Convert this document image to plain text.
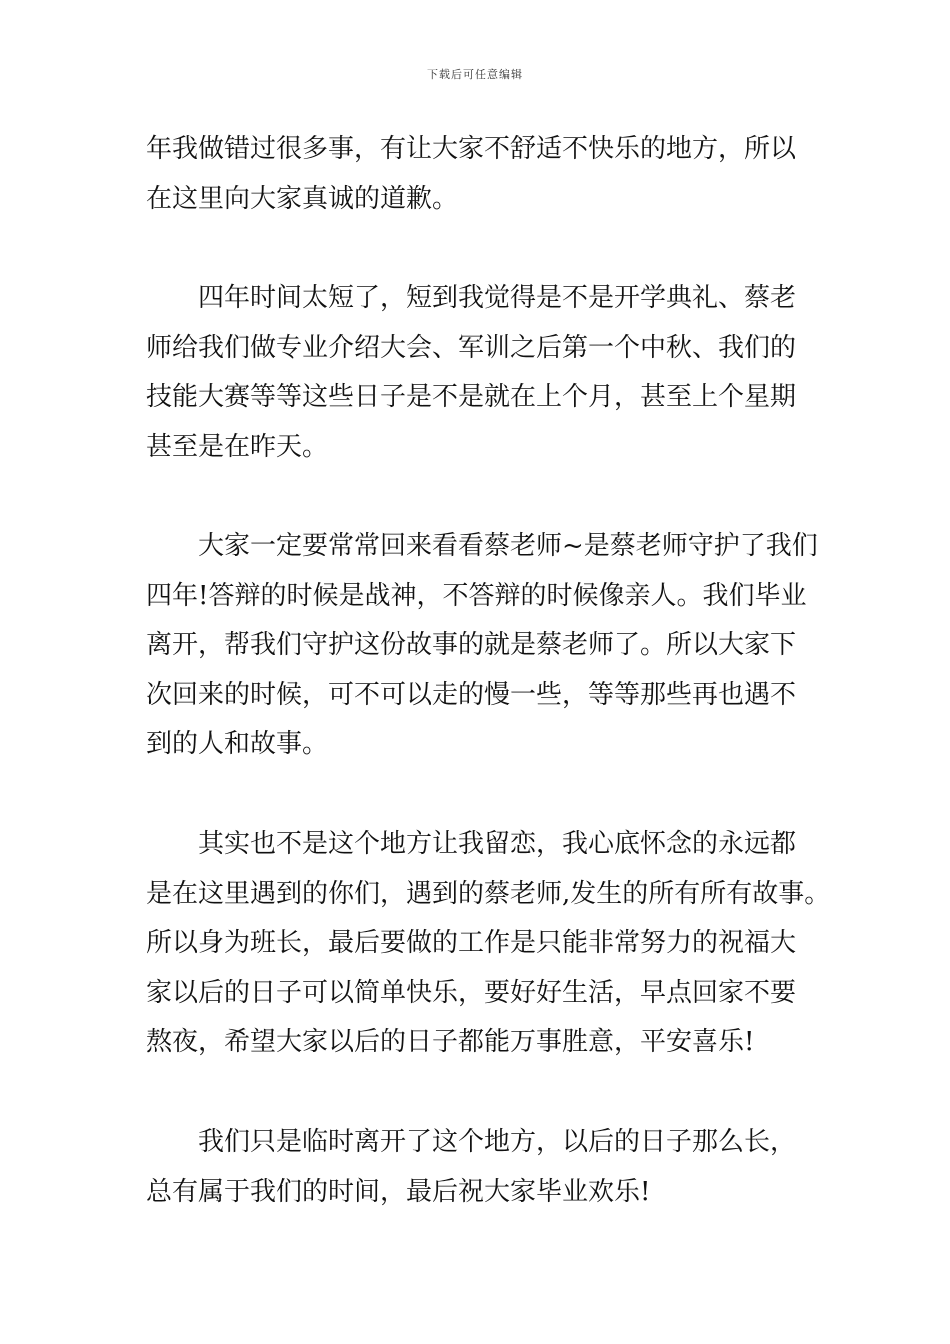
下载后可任意编辑
年我做错过很多事，有让大家不舒适不快乐的地方，所以
在这里向大家真诚的道歉。
四年时间太短了，短到我觉得是不是开学典礼、蔡老
师给我们做专业介绍大会、军训之后第一个中秋、我们的
技能大赛等等这些日子是不是就在上个月，甚至上个星期
甚至是在昨天。
大家一定要常常回来看看蔡老师~是蔡老师守护了我们
四年!答辩的时候是战神，不答辩的时候像亲人。我们毕业
离开，帮我们守护这份故事的就是蔡老师了。所以大家下
次回来的时候，可不可以走的慢一些，等等那些再也遇不
到的人和故事。
其实也不是这个地方让我留恋，我心底怀念的永远都
是在这里遇到的你们，遇到的蔡老师,发生的所有所有故事。
所以身为班长，最后要做的工作是只能非常努力的祝福大
家以后的日子可以简单快乐，要好好生活，早点回家不要
熬夜，希望大家以后的日子都能万事胜意，平安喜乐!
我们只是临时离开了这个地方，以后的日子那么长，
总有属于我们的时间，最后祝大家毕业欢乐!
